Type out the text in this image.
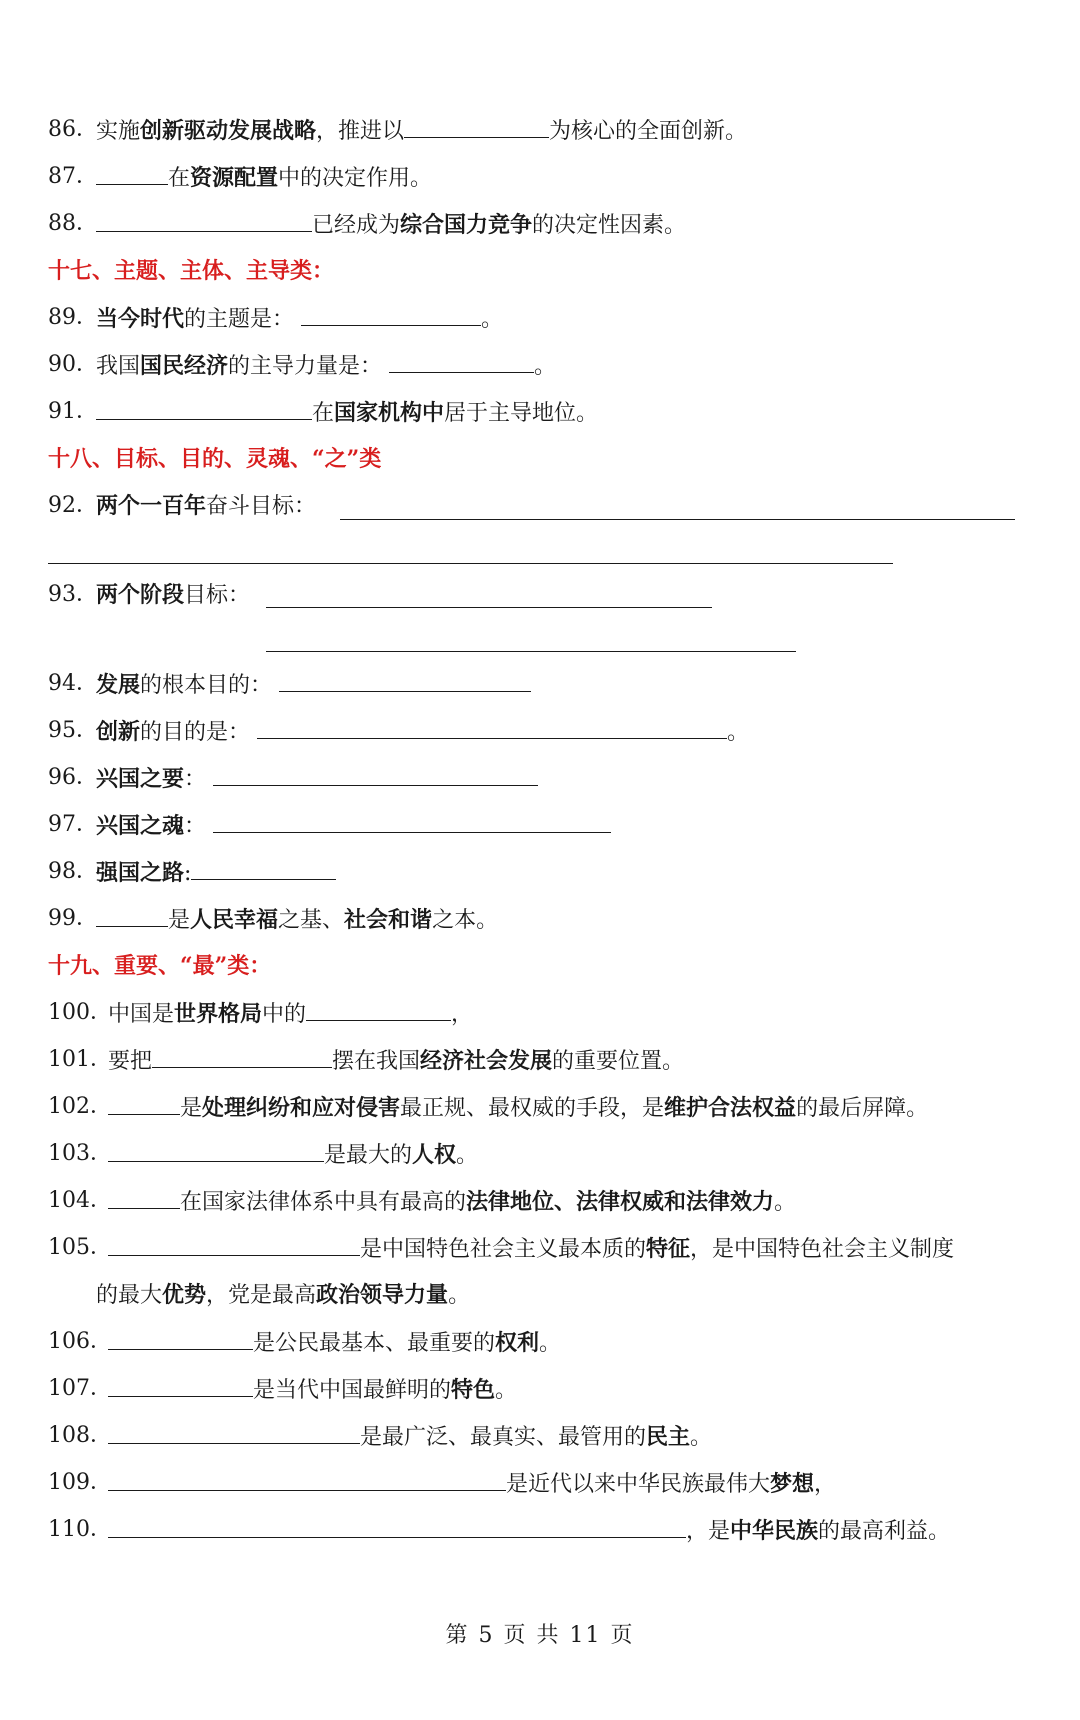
86．
实施创新驱动发展战略，推进以	为核心的全面创新。
87．	在资源配置中的决定作用。
88．	已经成为综合国力竞争的决定性因素。
十七、主题、主体、主导类：
89．
当今时代的主题是：	。
90．
我国国民经济的主导力量是：	。
91．	在国家机构中居于主导地位。
十八、目标、目的、灵魂、“之”类
92．
两个一百年奋斗目标：
93．
两个阶段目标：
94．
发展的根本目的：
95．
创新的目的是：	。
96．
兴国之要：
97．
兴国之魂：
98．
强国之路:
99．	是人民幸福之基、社会和谐之本。
十九、重要、“最”类：
100．
中国是世界格局中的	，
101．
要把	摆在我国经济社会发展的重要位置。
102．	是处理纠纷和应对侵害最正规、最权威的手段，是维护合法权益的最后屏障。
103．	是最大的人权。
104．	在国家法律体系中具有最高的法律地位、法律权威和法律效力。
105．	是中国特色社会主义最本质的特征，是中国特色社会主义制度
的最大优势，党是最高政治领导力量。
106．	是公民最基本、最重要的权利。
107．	是当代中国最鲜明的特色。
108．	是最广泛、最真实、最管用的民主。
109．	是近代以来中华民族最伟大梦想，
110．	，是中华民族的最高利益。
第 5 页 共 11 页
